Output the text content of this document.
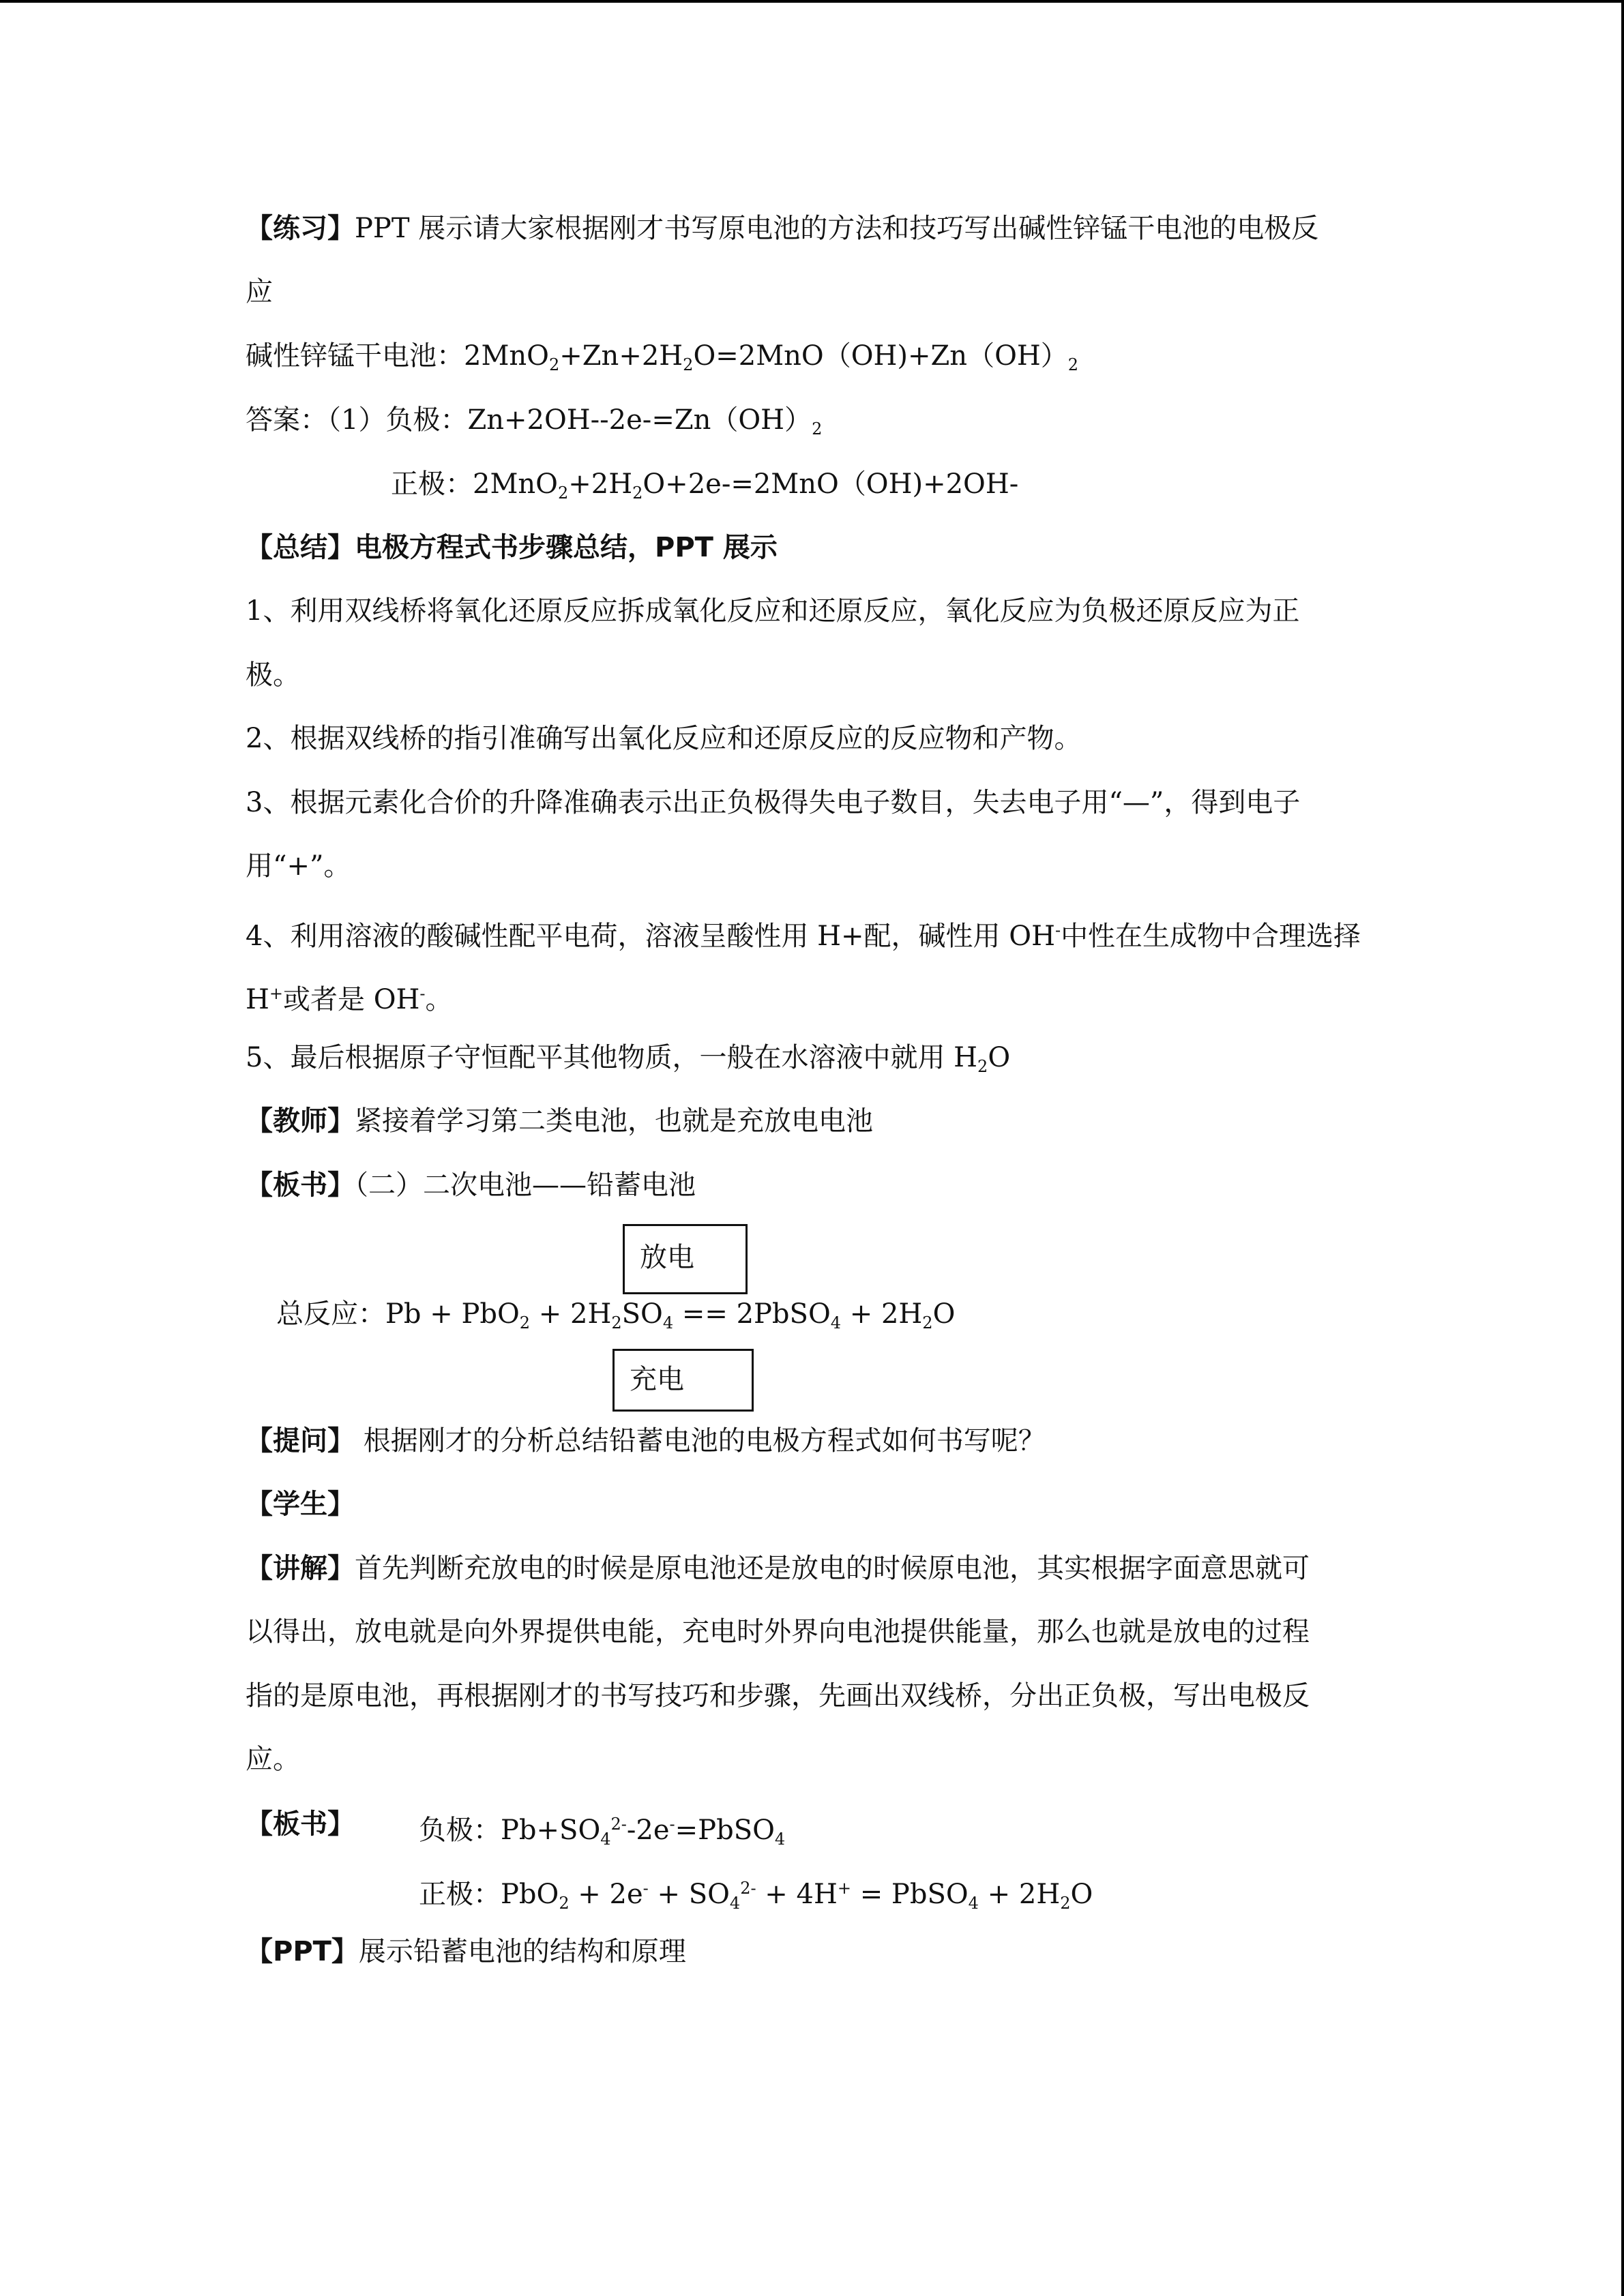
【练习】PPT 展示请大家根据刚才书写原电池的方法和技巧写出碱性锌锰干电池的电极反
应
碱性锌锰干电池：$2MnO_2+Zn+2H_2O=2MnO(OH)+Zn(OH)_2$
答案：（1）负极：$Zn+2OH--2e-=Zn(OH)_2$
正极：$2MnO_2+2H_2O+2e-=2MnO(OH)+2OH-$
【总结】电极方程式书步骤总结，PPT 展示
1、利用双线桥将氧化还原反应拆成氧化反应和还原反应，氧化反应为负极还原反应为正
极。
2、根据双线桥的指引准确写出氧化反应和还原反应的反应物和产物。
3、根据元素化合价的升降准确表示出正负极得失电子数目，失去电子用“—”，得到电子
用“+”。
4、利用溶液的酸碱性配平电荷，溶液呈酸性用 H+配，碱性用 OH-中性在生成物中合理选择
H+或者是 OH-。
5、最后根据原子守恒配平其他物质，一般在水溶液中就用 $H_2O$
【教师】紧接着学习第二类电池，也就是充放电电池
【板书】（二）二次电池——铅蓄电池
放电
总反应：$Pb + PbO_2 + 2H_2SO_4$ == 2PbSO$_4$ + $2H_2O$
充电
【提问】 根据刚才的分析总结铅蓄电池的电极方程式如何书写呢？
【学生】
【讲解】首先判断充放电的时候是原电池还是放电的时候原电池，其实根据字面意思就可
以得出，放电就是向外界提供电能，充电时外界向电池提供能量，那么也就是放电的过程
指的是原电池，再根据刚才的书写技巧和步骤，先画出双线桥，分出正负极，写出电极反
应。
【板书】 负极：$Pb+SO_4^{2-}-2e^-=PbSO_4$
正极：$PbO_2 + 2e^- + SO_4^{2-} + 4H^+$ = PbSO$_4$ + $2H_2O$
【PPT】展示铅蓄电池的结构和原理
